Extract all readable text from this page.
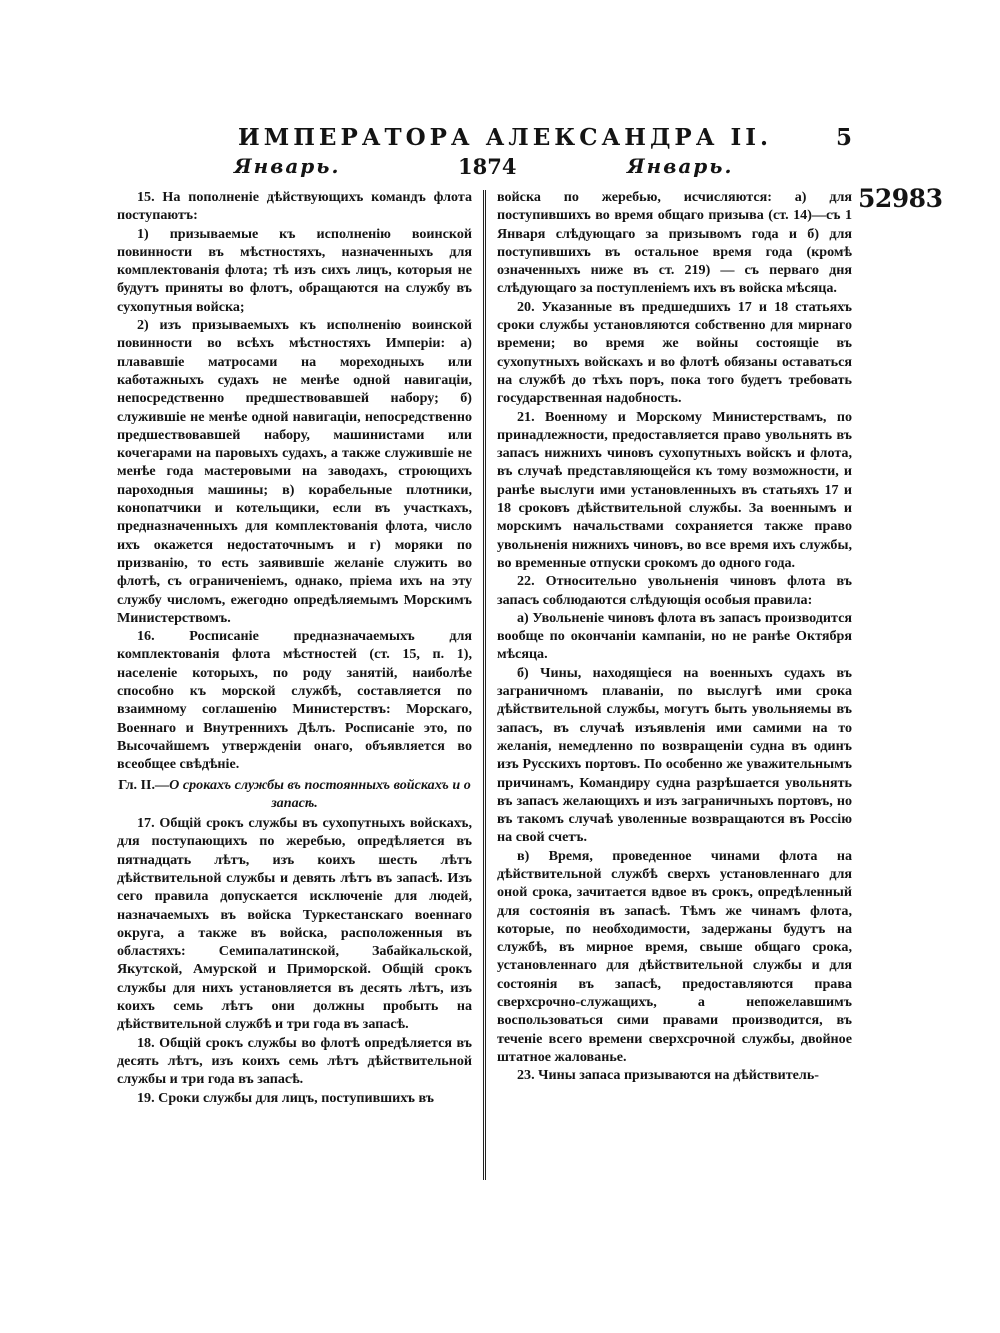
ИМПЕРАТОРА АЛЕКСАНДРА II.	5
Январь.	1874	Январь.
52983

15. На пополненіе дѣйствующихъ командъ флота поступаютъ:

1) призываемые къ исполненію воинской повинности въ мѣстностяхъ, назначенныхъ для комплектованія флота; тѣ изъ сихъ лицъ, которыя не будутъ приняты во флотъ, обращаются на службу въ сухопутныя войска;

2) изъ призываемыхъ къ исполненію воинской повинности во всѣхъ мѣстностяхъ Имперіи: а) плававшіе матросами на мореходныхъ или каботажныхъ судахъ не менѣе одной навигаціи, непосредственно предшествовавшей набору; б) служившіе не менѣе одной навигаціи, непосредственно предшествовавшей набору, машинистами или кочегарами на паровыхъ судахъ, а также служившіе не менѣе года мастеровыми на заводахъ, строющихъ пароходныя машины; в) корабельные плотники, конопатчики и котельщики, если въ участкахъ, предназначенныхъ для комплектованія флота, число ихъ окажется недостаточнымъ и г) моряки по призванію, то есть заявившіе желаніе служить во флотѣ, съ ограниченіемъ, однако, пріема ихъ на эту службу числомъ, ежегодно опредѣляемымъ Морскимъ Министерствомъ.

16. Росписаніе предназначаемыхъ для комплектованія флота мѣстностей (ст. 15, п. 1), населеніе которыхъ, по роду занятій, наиболѣе способно къ морской службѣ, составляется по взаимному соглашенію Министерствъ: Морскаго, Военнаго и Внутреннихъ Дѣлъ. Росписаніе это, по Высочайшемъ утвержденіи онаго, объявляется во всеобщее свѣдѣніе.

Гл. II.—О срокахъ службы въ постоянныхъ войскахъ и о запасѣ.

17. Общій срокъ службы въ сухопутныхъ войскахъ, для поступающихъ по жеребью, опредѣляется въ пятнадцать лѣтъ, изъ коихъ шесть лѣтъ дѣйствительной службы и девять лѣтъ въ запасѣ. Изъ сего правила допускается исключеніе для людей, назначаемыхъ въ войска Туркестанскаго военнаго округа, а также въ войска, расположенныя въ областяхъ: Семипалатинской, Забайкальской, Якутской, Амурской и Приморской. Общій срокъ службы для нихъ установляется въ десять лѣтъ, изъ коихъ семь лѣтъ они должны пробыть на дѣйствительной службѣ и три года въ запасѣ.

18. Общій срокъ службы во флотѣ опредѣляется въ десять лѣтъ, изъ коихъ семь лѣтъ дѣйствительной службы и три года въ запасѣ.

19. Сроки службы для лицъ, поступившихъ въ

войска по жеребью, исчисляются: а) для поступившихъ во время общаго призыва (ст. 14)—съ 1 Января слѣдующаго за призывомъ года и б) для поступившихъ въ остальное время года (кромѣ означенныхъ ниже въ ст. 219) — съ перваго дня слѣдующаго за поступленіемъ ихъ въ войска мѣсяца.

20. Указанные въ предшедшихъ 17 и 18 статьяхъ сроки службы установляются собственно для мирнаго времени; во время же войны состоящіе въ сухопутныхъ войскахъ и во флотѣ обязаны оставаться на службѣ до тѣхъ поръ, пока того будетъ требовать государственная надобность.

21. Военному и Морскому Министерствамъ, по принадлежности, предоставляется право увольнять въ запасъ нижнихъ чиновъ сухопутныхъ войскъ и флота, въ случаѣ представляющейся къ тому возможности, и ранѣе выслуги ими установленныхъ въ статьяхъ 17 и 18 сроковъ дѣйствительной службы. За военнымъ и морскимъ начальствами сохраняется также право увольненія нижнихъ чиновъ, во все время ихъ службы, во временные отпуски срокомъ до одного года.

22. Относительно увольненія чиновъ флота въ запасъ соблюдаются слѣдующія особыя правила:

а) Увольненіе чиновъ флота въ запасъ производится вообще по окончаніи кампаніи, но не ранѣе Октября мѣсяца.

б) Чины, находящіеся на военныхъ судахъ въ заграничномъ плаваніи, по выслугѣ ими срока дѣйствительной службы, могутъ быть увольняемы въ запасъ, въ случаѣ изъявленія ими самими на то желанія, немедленно по возвращеніи судна въ одинъ изъ Русскихъ портовъ. По особенно же уважительнымъ причинамъ, Командиру судна разрѣшается увольнять въ запасъ желающихъ и изъ заграничныхъ портовъ, но въ такомъ случаѣ уволенные возвращаются въ Россію на свой счетъ.

в) Время, проведенное чинами флота на дѣйствительной службѣ сверхъ установленнаго для оной срока, зачитается вдвое въ срокъ, опредѣленный для состоянія въ запасѣ. Тѣмъ же чинамъ флота, которые, по необходимости, задержаны будутъ на службѣ, въ мирное время, свыше общаго срока, установленнаго для дѣйствительной службы и для состоянія въ запасѣ, предоставляются права сверхсрочно-служащихъ, а непожелавшимъ воспользоваться сими правами производится, въ теченіе всего времени сверхсрочной службы, двойное штатное жалованье.

23. Чины запаса призываются на дѣйствитель-
